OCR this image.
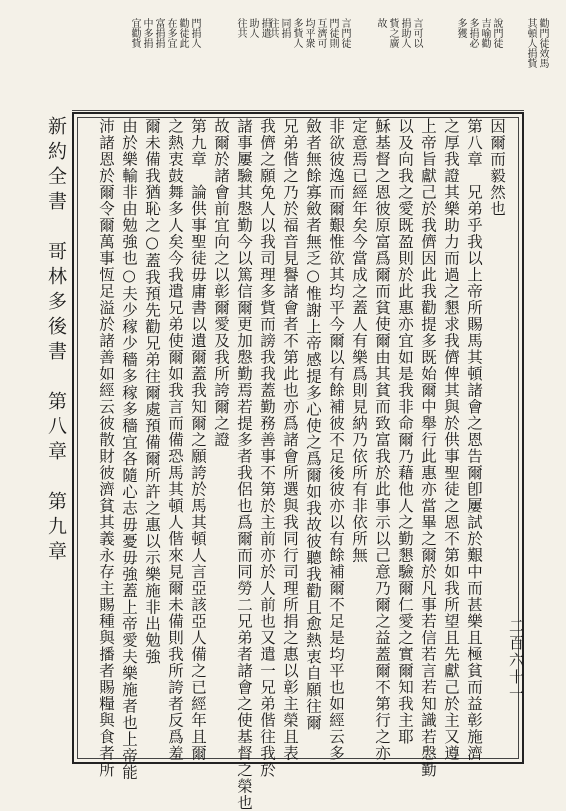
勸門徒效馬
其頓人捐貲
說門徒
吉喻勸
多捐必
多獲
言可以
捐助人
貲之廣
故
言門徒
門徒則
互濟可
均平衆
多貲人
同捐
往共
捐遣
助人
往共
門捐人
勸徒此
在多宜
富捐捐
中多捐
宜勸貲
新約全書　哥林多後書　第八章　第九章	因爾而毅然也
第八章　兄弟乎我以上帝所賜馬其頓諸會之恩告爾卽屢試於艱中而甚樂且極貧而益彰施濟
之厚我證其樂助力而過之懇求我儕俾其與於供事聖徒之恩不第如我所望且先獻己於主又遵
上帝旨獻己於我儕因此我勸提多既始爾中舉行此惠亦當畢之爾於凡事若信若言若知識若慇勤
以及向我之愛既盈則於此惠亦宜如是我非命爾乃藉他人之勤懇驗爾仁愛之實爾知我主耶
穌基督之恩彼原富爲爾而貧使爾由其貧而致富我於此事示以己意乃爾之益蓋爾不第行之亦
定意焉已經年矣今當成之蓋人有樂爲則見納乃依所有非依所無
非欲彼逸而爾艱惟欲其均平今爾以有餘補彼不足後彼亦以有餘補爾不足是均平也如經云多
斂者無餘寡斂者無乏○惟謝上帝感提多心使之爲爾如我故彼聽我勸且愈熱衷自願往爾
兄弟偕之乃於福音見譽諸會者不第此也亦爲諸會所選與我同行司理所捐之惠以彰主榮且表
我儕之願免人以我司理多貲而謗我我蓋勤務善事不第於主前亦於人前也又遣一兄弟偕往我於
諸事屢驗其慇勤今以篤信爾更加慇勤焉若提多者我侶也爲爾而同勞二兄弟者諸會之使基督之榮也
故爾於諸會前宜向之以彰爾愛及我所誇爾之證
第九章　論供事聖徒毋庸書以遺爾蓋我知爾之願誇於馬其頓人言亞該亞人備之已經年且爾
之熱衷鼓舞多人矣今我遣兄弟使爾如我言而備恐馬其頓人偕來見爾未備則我所誇者反爲羞
爾未備我猶恥之○蓋我預先勸兄弟往爾處預備爾所許之惠以示樂施非出勉強
由於樂輸非由勉強也○夫少稼少穡多稼多穡宜各隨心志毋憂毋強蓋上帝愛夫樂施者也上帝能
沛諸恩於爾令爾萬事恆足溢於諸善如經云彼散財彼濟貧其義永存主賜種與播者賜糧與食者所	二百六十一
